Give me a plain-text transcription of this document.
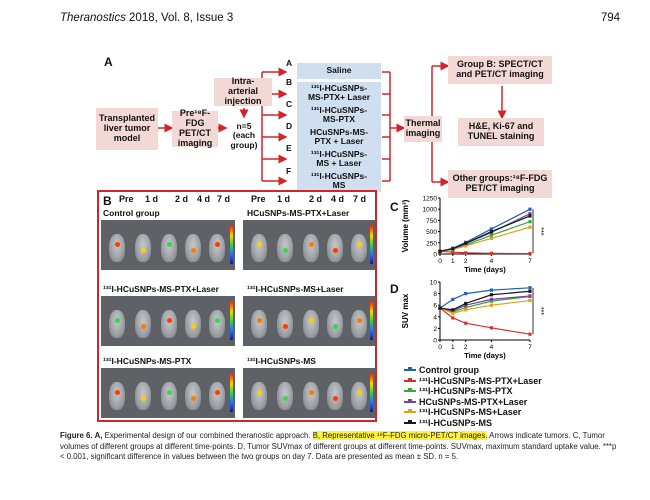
Theranostics 2018, Vol. 8, Issue 3	794
A
Transplanted
liver tumor
model
Pre¹⁸F-FDG
PET/CT
imaging
Intra-arterial
injection
n=5 (each
group)
A
Saline
B
¹³¹I-HCuSNPs-
MS-PTX+ Laser
C
¹³¹I-HCuSNPs-
MS-PTX
D
HCuSNPs-MS-
PTX + Laser
E
¹³¹I-HCuSNPs-
MS + Laser
F	¹³¹I-HCuSNPs-
MS
Thermal
imaging
Group B: SPECT/CT
and PET/CT imaging
H&E, Ki-67 and
TUNEL staining
Other groups:¹⁸F-FDG
PET/CT imaging
B Pre 1 d 2 d 4 d 7 d Pre 1 d 2 d 4 d 7 d
Control group	HCuSNPs-MS-PTX+Laser
¹³¹I-HCuSNPs-MS-PTX+Laser	¹³¹I-HCuSNPs-MS+Laser
¹³¹I-HCuSNPs-MS-PTX	¹³¹I-HCuSNPs-MS
C
D
0
250
500
750
1000
1250
0 1 2	4	7
Time (days)
Volume (mm³)	***
0
2
4
6
8
10
0 1 2	4	7
Time (days)
SUV max	***
Control group
¹³¹I-HCuSNPs-MS-PTX+Laser
¹³¹I-HCuSNPs-MS-PTX
HCuSNPs-MS-PTX+Laser
¹³¹I-HCuSNPs-MS+Laser
¹³¹I-HCuSNPs-MS
Figure 6. A, Experimental design of our combined theranostic approach. B, Representative ¹⁸F-FDG micro-PET/CT images. Arrows indicate tumors. C, Tumor volumes of different groups at different time-points. D, Tumor SUVmax of different groups at different time-points. SUVmax, maximum standard uptake value. ***p < 0.001, significant difference in values between the two groups on day 7. Data are presented as mean ± SD. n = 5.
